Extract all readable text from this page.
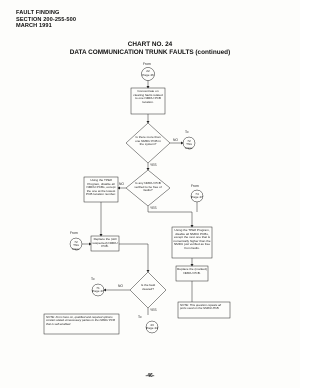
FAULT FINDING
SECTION 200-255-500
MARCH 1991
CHART NO. 24
DATA COMMUNICATION TRUNK FAULTS (continued)
From
22
Page 46
Concentrate on clearing faults related to one NMDU PCB location.
Is there more than one NMDU PCB in the system?
NO
To
72
This Page
YES
Is any NMDU PCB verified to be free of faults?
NO
Using the TPE8 Program, disable all NMDU PCBs, except the one at the lowest PCB location number.
YES
From
74
Page 47
Using the TPE8 Program, disable all NMDU PCBs, except the next one that is numerically higher than the NMDU just verified as free from faults.
From
72
This Page
Replace the (still suspected) NMDU PCB.
Replace the (marked) NMDU PCB.
Is the fault cleared?
NO
To
71
Page 47
YES
To
43
Page 44
NOTE: From here on, qualified and required options contain stated unnecessary parties to the NMDU PCB that is self-enabled.
NOTE: This question repeats all ports used on the NMDU PCB.
-46-
